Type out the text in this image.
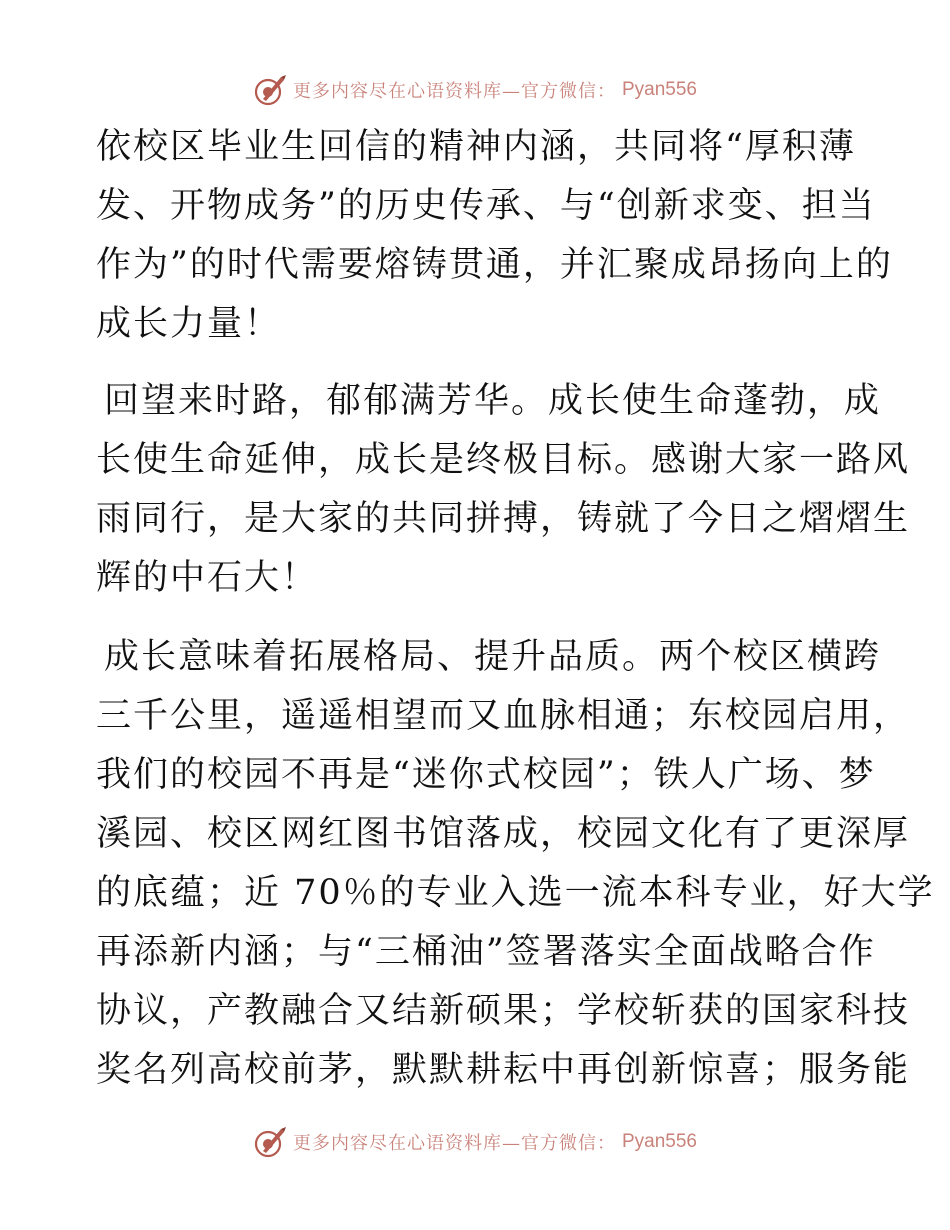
更多内容尽在心语资料库—官方微信： Pyan556

依校区毕业生回信的精神内涵，共同将“厚积薄
发、开物成务”的历史传承、与“创新求变、担当
作为”的时代需要熔铸贯通，并汇聚成昂扬向上的
成长力量！

回望来时路，郁郁满芳华。成长使生命蓬勃，成
长使生命延伸，成长是终极目标。感谢大家一路风
雨同行，是大家的共同拼搏，铸就了今日之熠熠生
辉的中石大！

成长意味着拓展格局、提升品质。两个校区横跨
三千公里，遥遥相望而又血脉相通；东校园启用，
我们的校园不再是“迷你式校园”；铁人广场、梦
溪园、校区网红图书馆落成，校园文化有了更深厚
的底蕴；近 70％的专业入选一流本科专业，好大学
再添新内涵；与“三桶油”签署落实全面战略合作
协议，产教融合又结新硕果；学校斩获的国家科技
奖名列高校前茅，默默耕耘中再创新惊喜；服务能

更多内容尽在心语资料库—官方微信： Pyan556
